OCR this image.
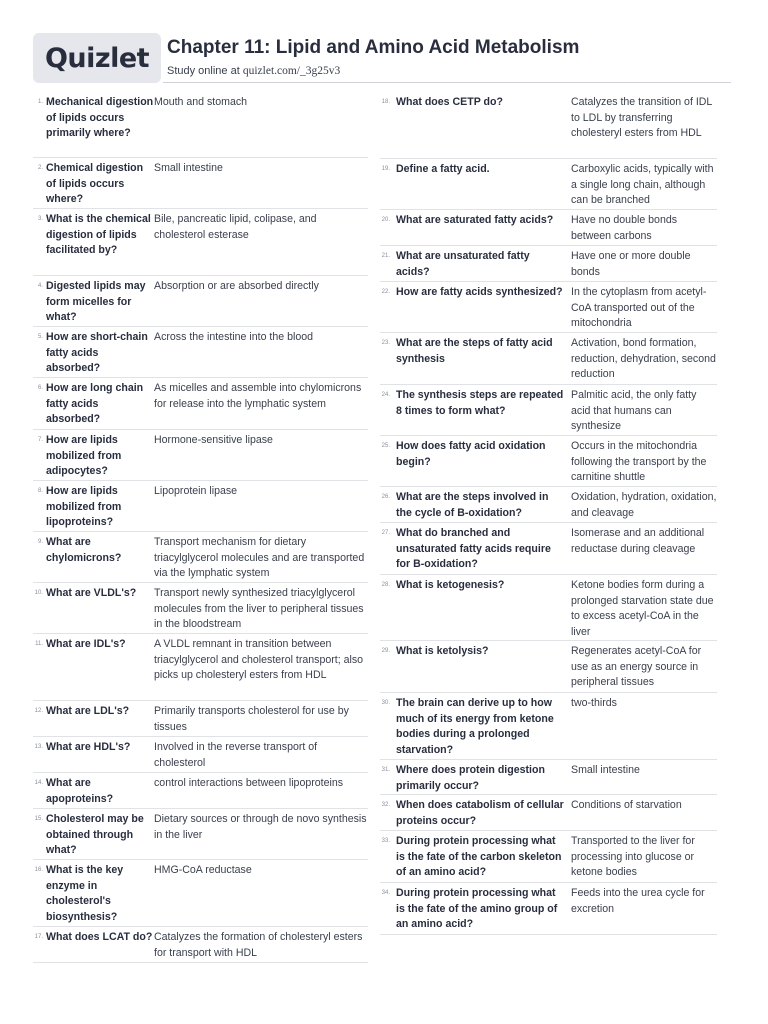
Quizlet Chapter 11: Lipid and Amino Acid Metabolism
Study online at quizlet.com/_3g25v3
1. Mechanical digestion of lipids occurs primarily where?
Mouth and stomach
2. Chemical digestion of lipids occurs where?
Small intestine
3. What is the chemical digestion of lipids facilitated by?
Bile, pancreatic lipid, colipase, and cholesterol esterase
4. Digested lipids may form micelles for what?
Absorption or are absorbed directly
5. How are short-chain fatty acids absorbed?
Across the intestine into the blood
6. How are long chain fatty acids absorbed?
As micelles and assemble into chylomicrons for release into the lymphatic system
7. How are lipids mobilized from adipocytes?
Hormone-sensitive lipase
8. How are lipids mobilized from lipoproteins?
Lipoprotein lipase
9. What are chylomicrons?
Transport mechanism for dietary triacylglycerol molecules and are transported via the lymphatic system
10. What are VLDL's?	Transport newly synthesized triacylglycerol molecules from the liver to peripheral tissues in the bloodstream
11. What are IDL's?	A VLDL remnant in transition between triacylglycerol and cholesterol transport; also picks up cholesteryl esters from HDL
12. What are LDL's?	Primarily transports cholesterol for use by tissues
13. What are HDL's?	Involved in the reverse transport of cholesterol
14. What are apoproteins?
control interactions between lipoproteins
15. Cholesterol may be obtained through what?
Dietary sources or through de novo synthesis in the liver
16. What is the key enzyme in cholesterol's biosynthesis?
HMG-CoA reductase
17. What does LCAT do? Catalyzes the formation of cholesteryl esters for transport with HDL
18. What does CETP do?	Catalyzes the transition of IDL to LDL by transferring cholesteryl esters from HDL
19. Define a fatty acid.	Carboxylic acids, typically with a single long chain, although can be branched
20. What are saturated fatty acids?	Have no double bonds between carbons
21. What are unsaturated fatty acids?
Have one or more double bonds
22. How are fatty acids synthesized? In the cytoplasm from acetyl-CoA transported out of the mitochondria
23. What are the steps of fatty acid synthesis
Activation, bond formation, reduction, dehydration, second reduction
24. The synthesis steps are repeated 8 times to form what?
Palmitic acid, the only fatty acid that humans can synthesize
25. How does fatty acid oxidation begin?
Occurs in the mitochondria following the transport by the carnitine shuttle
26. What are the steps involved in the cycle of B-oxidation?
Oxidation, hydration, oxidation, and cleavage
27. What do branched and unsaturated fatty acids require for B-oxidation?
Isomerase and an additional reductase during cleavage
28. What is ketogenesis?	Ketone bodies form during a prolonged starvation state due to excess acetyl-CoA in the liver
29. What is ketolysis?	Regenerates acetyl-CoA for use as an energy source in peripheral tissues
30. The brain can derive up to how much of its energy from ketone bodies during a prolonged starvation?
two-thirds
31. Where does protein digestion primarily occur?
Small intestine
32. When does catabolism of cellular proteins occur?
Conditions of starvation
33. During protein processing what is the fate of the carbon skeleton of an amino acid?
Transported to the liver for processing into glucose or ketone bodies
34. During protein processing what is the fate of the amino group of an amino acid?
Feeds into the urea cycle for excretion
